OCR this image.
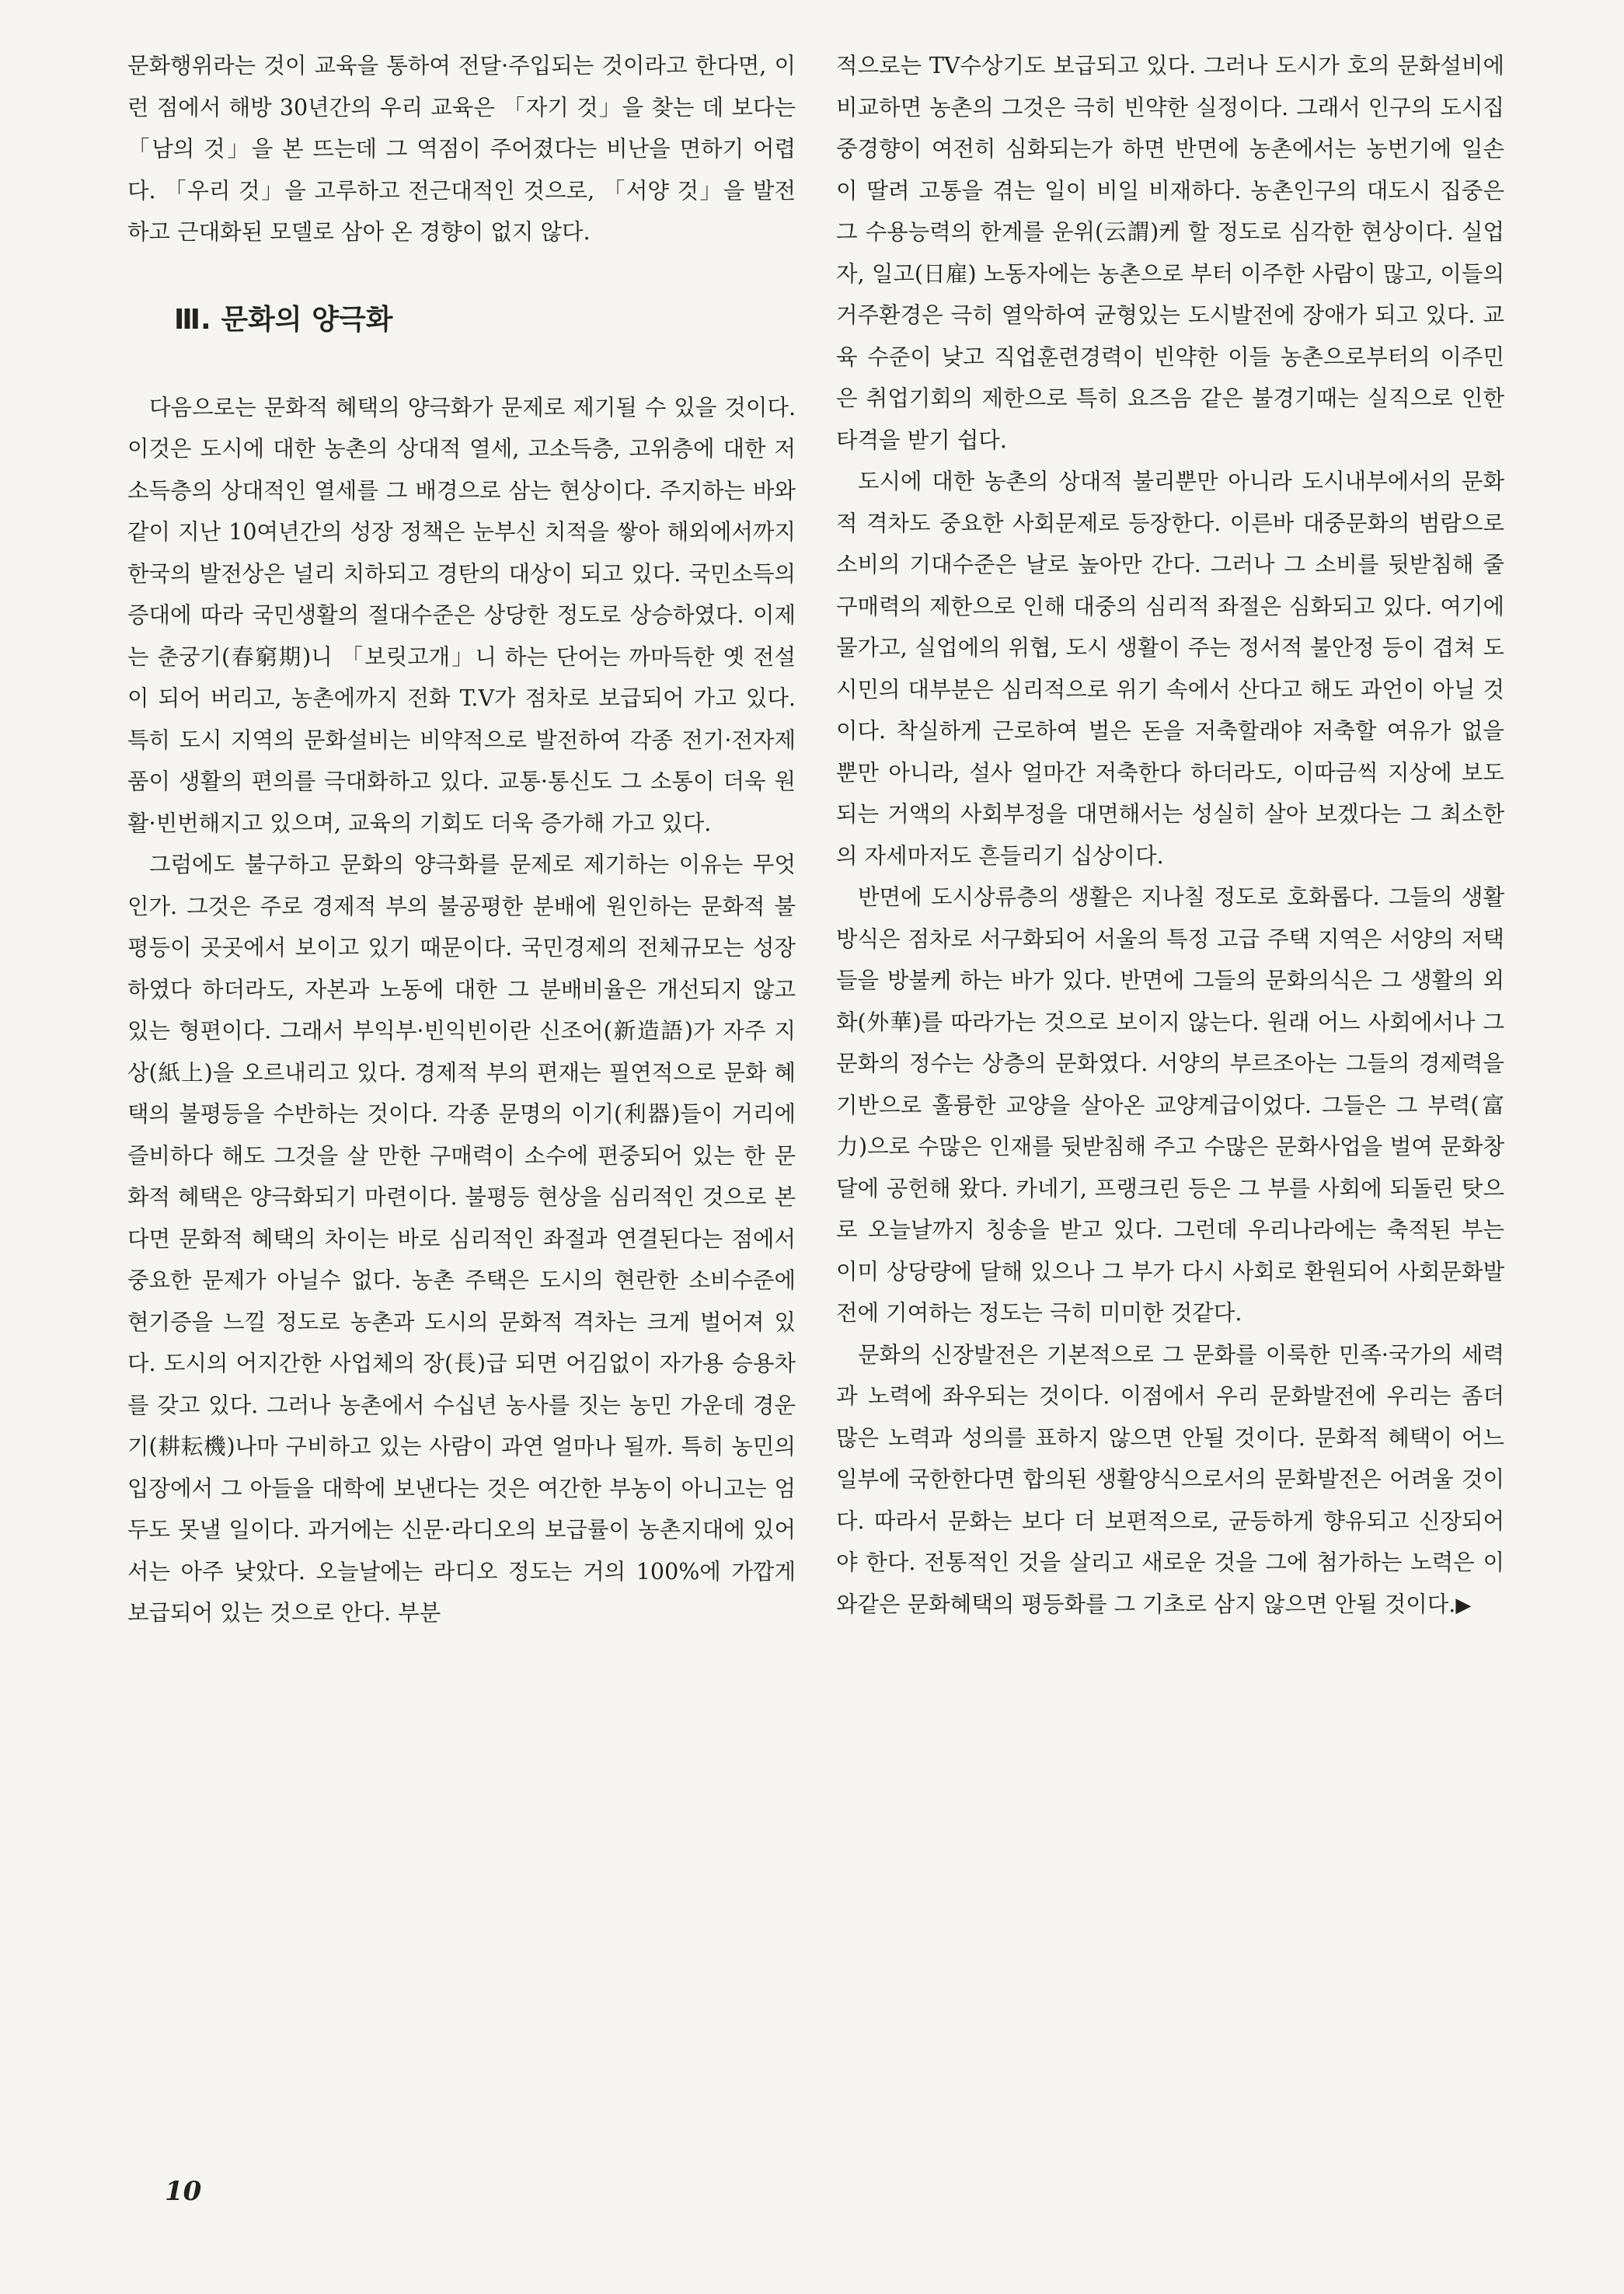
문화행위라는 것이 교육을 통하여 전달·주입되는 것이라고 한다면, 이런 점에서 해방 30년간의 우리 교육은 「자기 것」을 찾는 데 보다는 「남의 것」을 본 뜨는데 그 역점이 주어졌다는 비난을 면하기 어렵다. 「우리 것」을 고루하고 전근대적인 것으로, 「서양 것」을 발전하고 근대화된 모델로 삼아 온 경향이 없지 않다.

Ⅲ. 문화의 양극화

다음으로는 문화적 혜택의 양극화가 문제로 제기될 수 있을 것이다. 이것은 도시에 대한 농촌의 상대적 열세, 고소득층, 고위층에 대한 저소득층의 상대적인 열세를 그 배경으로 삼는 현상이다. 주지하는 바와 같이 지난 10여년간의 성장 정책은 눈부신 치적을 쌓아 해외에서까지 한국의 발전상은 널리 치하되고 경탄의 대상이 되고 있다. 국민소득의 증대에 따라 국민생활의 절대수준은 상당한 정도로 상승하였다. 이제는 춘궁기(春窮期)니 「보릿고개」니 하는 단어는 까마득한 옛 전설이 되어 버리고, 농촌에까지 전화 T.V가 점차로 보급되어 가고 있다. 특히 도시 지역의 문화설비는 비약적으로 발전하여 각종 전기·전자제품이 생활의 편의를 극대화하고 있다. 교통·통신도 그 소통이 더욱 원활·빈번해지고 있으며, 교육의 기회도 더욱 증가해 가고 있다.

그럼에도 불구하고 문화의 양극화를 문제로 제기하는 이유는 무엇인가. 그것은 주로 경제적 부의 불공평한 분배에 원인하는 문화적 불평등이 곳곳에서 보이고 있기 때문이다. 국민경제의 전체규모는 성장하였다 하더라도, 자본과 노동에 대한 그 분배비율은 개선되지 않고 있는 형편이다. 그래서 부익부·빈익빈이란 신조어(新造語)가 자주 지상(紙上)을 오르내리고 있다. 경제적 부의 편재는 필연적으로 문화 혜택의 불평등을 수반하는 것이다. 각종 문명의 이기(利器)들이 거리에 즐비하다 해도 그것을 살 만한 구매력이 소수에 편중되어 있는 한 문화적 혜택은 양극화되기 마련이다. 불평등 현상을 심리적인 것으로 본다면 문화적 혜택의 차이는 바로 심리적인 좌절과 연결된다는 점에서 중요한 문제가 아닐수 없다. 농촌 주택은 도시의 현란한 소비수준에 현기증을 느낄 정도로 농촌과 도시의 문화적 격차는 크게 벌어져 있다. 도시의 어지간한 사업체의 장(長)급 되면 어김없이 자가용 승용차를 갖고 있다. 그러나 농촌에서 수십년 농사를 짓는 농민 가운데 경운기(耕耘機)나마 구비하고 있는 사람이 과연 얼마나 될까. 특히 농민의 입장에서 그 아들을 대학에 보낸다는 것은 여간한 부농이 아니고는 엄두도 못낼 일이다. 과거에는 신문·라디오의 보급률이 농촌지대에 있어서는 아주 낮았다. 오늘날에는 라디오 정도는 거의 100%에 가깝게 보급되어 있는 것으로 안다. 부분

적으로는 TV수상기도 보급되고 있다. 그러나 도시가 호의 문화설비에 비교하면 농촌의 그것은 극히 빈약한 실정이다. 그래서 인구의 도시집중경향이 여전히 심화되는가 하면 반면에 농촌에서는 농번기에 일손이 딸려 고통을 겪는 일이 비일 비재하다. 농촌인구의 대도시 집중은 그 수용능력의 한계를 운위(云謂)케 할 정도로 심각한 현상이다. 실업자, 일고(日雇) 노동자에는 농촌으로 부터 이주한 사람이 많고, 이들의 거주환경은 극히 열악하여 균형있는 도시발전에 장애가 되고 있다. 교육 수준이 낮고 직업훈련경력이 빈약한 이들 농촌으로부터의 이주민은 취업기회의 제한으로 특히 요즈음 같은 불경기때는 실직으로 인한 타격을 받기 쉽다.

도시에 대한 농촌의 상대적 불리뿐만 아니라 도시내부에서의 문화적 격차도 중요한 사회문제로 등장한다. 이른바 대중문화의 범람으로 소비의 기대수준은 날로 높아만 간다. 그러나 그 소비를 뒷받침해 줄 구매력의 제한으로 인해 대중의 심리적 좌절은 심화되고 있다. 여기에 물가고, 실업에의 위협, 도시 생활이 주는 정서적 불안정 등이 겹쳐 도시민의 대부분은 심리적으로 위기 속에서 산다고 해도 과언이 아닐 것이다. 착실하게 근로하여 벌은 돈을 저축할래야 저축할 여유가 없을 뿐만 아니라, 설사 얼마간 저축한다 하더라도, 이따금씩 지상에 보도되는 거액의 사회부정을 대면해서는 성실히 살아 보겠다는 그 최소한의 자세마저도 흔들리기 십상이다.

반면에 도시상류층의 생활은 지나칠 정도로 호화롭다. 그들의 생활방식은 점차로 서구화되어 서울의 특정 고급 주택 지역은 서양의 저택들을 방불케 하는 바가 있다. 반면에 그들의 문화의식은 그 생활의 외화(外華)를 따라가는 것으로 보이지 않는다. 원래 어느 사회에서나 그 문화의 정수는 상층의 문화였다. 서양의 부르조아는 그들의 경제력을 기반으로 훌륭한 교양을 살아온 교양계급이었다. 그들은 그 부력(富力)으로 수많은 인재를 뒷받침해 주고 수많은 문화사업을 벌여 문화창달에 공헌해 왔다. 카네기, 프랭크린 등은 그 부를 사회에 되돌린 탓으로 오늘날까지 칭송을 받고 있다. 그런데 우리나라에는 축적된 부는 이미 상당량에 달해 있으나 그 부가 다시 사회로 환원되어 사회문화발전에 기여하는 정도는 극히 미미한 것같다.

문화의 신장발전은 기본적으로 그 문화를 이룩한 민족·국가의 세력과 노력에 좌우되는 것이다. 이점에서 우리 문화발전에 우리는 좀더 많은 노력과 성의를 표하지 않으면 안될 것이다. 문화적 혜택이 어느 일부에 국한한다면 합의된 생활양식으로서의 문화발전은 어려울 것이다. 따라서 문화는 보다 더 보편적으로, 균등하게 향유되고 신장되어야 한다. 전통적인 것을 살리고 새로운 것을 그에 첨가하는 노력은 이와같은 문화혜택의 평등화를 그 기초로 삼지 않으면 안될 것이다.▶

10
